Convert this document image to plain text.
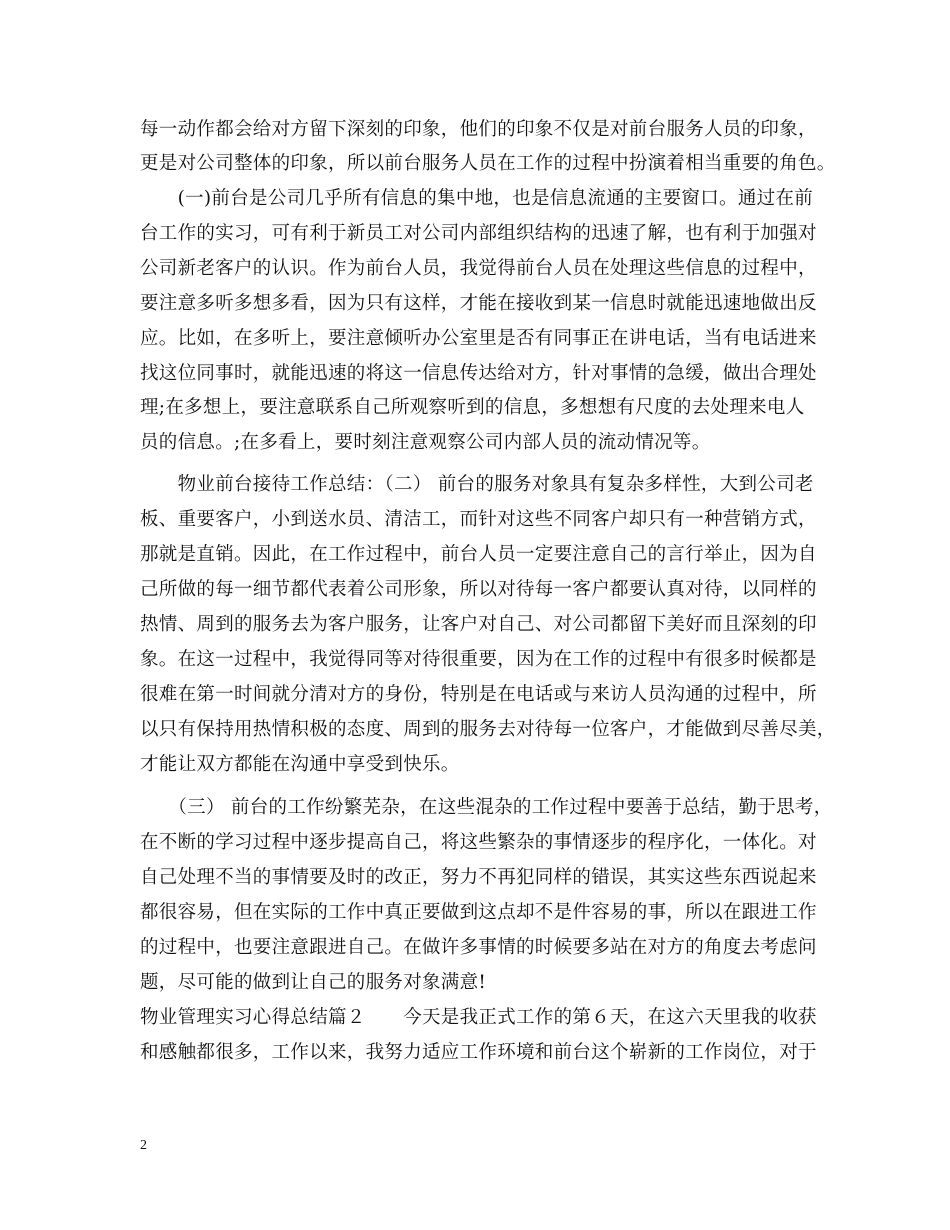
每一动作都会给对方留下深刻的印象，他们的印象不仅是对前台服务人员的印象，
更是对公司整体的印象，所以前台服务人员在工作的过程中扮演着相当重要的角色。
　　(一)前台是公司几乎所有信息的集中地，也是信息流通的主要窗口。通过在前
台工作的实习，可有利于新员工对公司内部组织结构的迅速了解，也有利于加强对
公司新老客户的认识。作为前台人员，我觉得前台人员在处理这些信息的过程中，
要注意多听多想多看，因为只有这样，才能在接收到某一信息时就能迅速地做出反
应。比如，在多听上，要注意倾听办公室里是否有同事正在讲电话，当有电话进来
找这位同事时，就能迅速的将这一信息传达给对方，针对事情的急缓，做出合理处
理;在多想上，要注意联系自己所观察听到的信息，多想想有尺度的去处理来电人
员的信息。;在多看上，要时刻注意观察公司内部人员的流动情况等。
　　物业前台接待工作总结：（二） 前台的服务对象具有复杂多样性，大到公司老
板、重要客户，小到送水员、清洁工，而针对这些不同客户却只有一种营销方式，
那就是直销。因此，在工作过程中，前台人员一定要注意自己的言行举止，因为自
己所做的每一细节都代表着公司形象，所以对待每一客户都要认真对待，以同样的
热情、周到的服务去为客户服务，让客户对自己、对公司都留下美好而且深刻的印
象。在这一过程中，我觉得同等对待很重要，因为在工作的过程中有很多时候都是
很难在第一时间就分清对方的身份，特别是在电话或与来访人员沟通的过程中，所
以只有保持用热情积极的态度、周到的服务去对待每一位客户，才能做到尽善尽美，
才能让双方都能在沟通中享受到快乐。
　　（三） 前台的工作纷繁芜杂，在这些混杂的工作过程中要善于总结，勤于思考，
在不断的学习过程中逐步提高自己，将这些繁杂的事情逐步的程序化，一体化。对
自己处理不当的事情要及时的改正，努力不再犯同样的错误，其实这些东西说起来
都很容易，但在实际的工作中真正要做到这点却不是件容易的事，所以在跟进工作
的过程中，也要注意跟进自己。在做许多事情的时候要多站在对方的角度去考虑问
题，尽可能的做到让自己的服务对象满意!
物业管理实习心得总结篇２　　今天是我正式工作的第６天，在这六天里我的收获
和感触都很多，工作以来，我努力适应工作环境和前台这个崭新的工作岗位，对于
2
